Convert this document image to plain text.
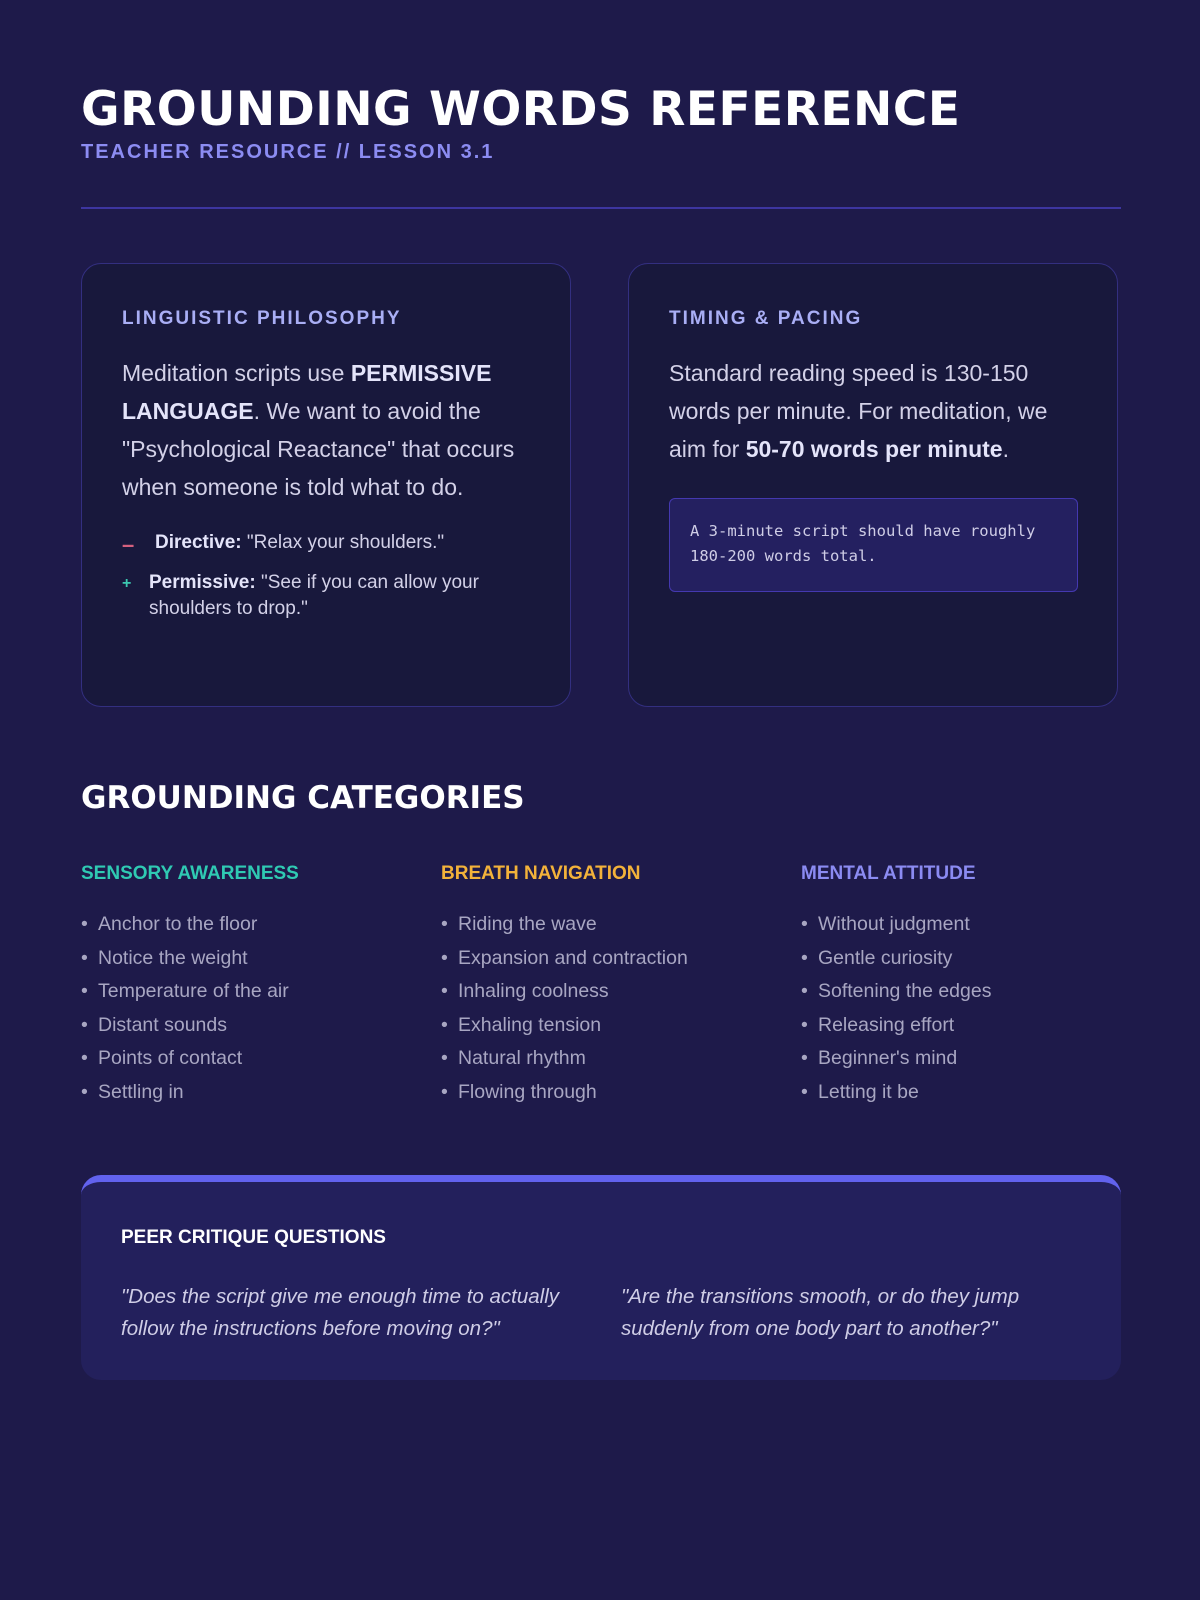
GROUNDING WORDS REFERENCE
TEACHER RESOURCE // LESSON 3.1
LINGUISTIC PHILOSOPHY

Meditation scripts use PERMISSIVE LANGUAGE. We want to avoid the "Psychological Reactance" that occurs when someone is told what to do.

– Directive: "Relax your shoulders."
+ Permissive: "See if you can allow your shoulders to drop."
TIMING & PACING

Standard reading speed is 130-150 words per minute. For meditation, we aim for 50-70 words per minute.

A 3-minute script should have roughly 180-200 words total.
GROUNDING CATEGORIES
SENSORY AWARENESS
• Anchor to the floor
• Notice the weight
• Temperature of the air
• Distant sounds
• Points of contact
• Settling in
BREATH NAVIGATION
• Riding the wave
• Expansion and contraction
• Inhaling coolness
• Exhaling tension
• Natural rhythm
• Flowing through
MENTAL ATTITUDE
• Without judgment
• Gentle curiosity
• Softening the edges
• Releasing effort
• Beginner's mind
• Letting it be
PEER CRITIQUE QUESTIONS
"Does the script give me enough time to actually follow the instructions before moving on?"
"Are the transitions smooth, or do they jump suddenly from one body part to another?"
